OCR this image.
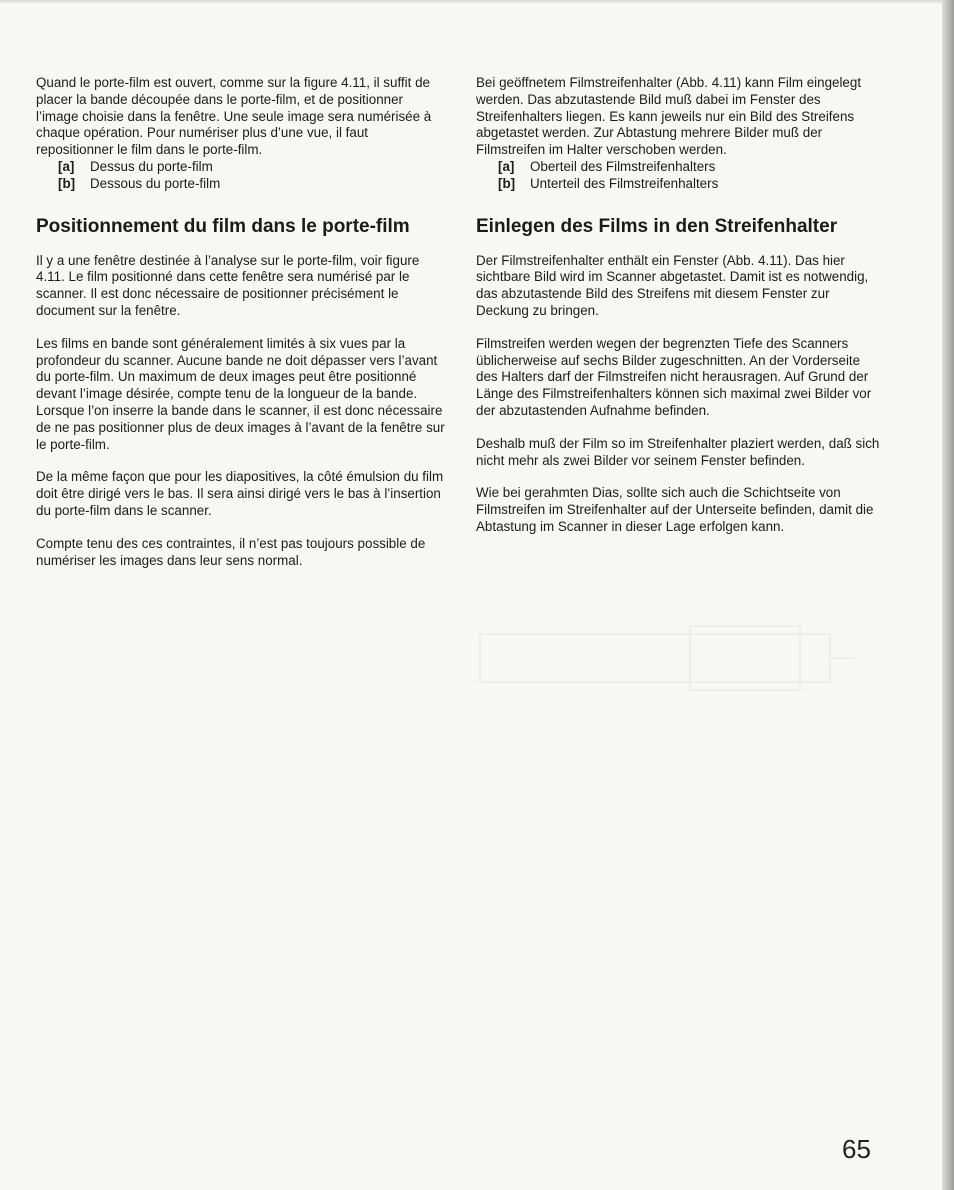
Quand le porte-film est ouvert, comme sur la figure 4.11, il suffit de placer la bande découpée dans le porte-film, et de positionner l’image choisie dans la fenêtre. Une seule image sera numérisée à chaque opération. Pour numériser plus d’une vue, il faut repositionner le film dans le porte-film.

[a]	Dessus du porte-film
[b]	Dessous du porte-film
Positionnement du film dans le porte-film

Il y a une fenêtre destinée à l’analyse sur le porte-film, voir figure 4.11. Le film positionné dans cette fenêtre sera numérisé par le scanner. Il est donc nécessaire de positionner précisément le document sur la fenêtre.

Les films en bande sont généralement limités à six vues par la profondeur du scanner. Aucune bande ne doit dépasser vers l’avant du porte-film. Un maximum de deux images peut être positionné devant l’image désirée, compte tenu de la longueur de la bande. Lorsque l’on inserre la bande dans le scanner, il est donc nécessaire de ne pas positionner plus de deux images à l’avant de la fenêtre sur le porte-film.

De la même façon que pour les diapositives, la côté émulsion du film doit être dirigé vers le bas. Il sera ainsi dirigé vers le bas à l’insertion du porte-film dans le scanner.

Compte tenu des ces contraintes, il n’est pas toujours possible de numériser les images dans leur sens normal.

Bei geöffnetem Filmstreifenhalter (Abb. 4.11) kann Film eingelegt werden. Das abzutastende Bild muß dabei im Fenster des Streifenhalters liegen. Es kann jeweils nur ein Bild des Streifens abgetastet werden. Zur Abtastung mehrere Bilder muß der Filmstreifen im Halter verschoben werden.

[a]	Oberteil des Filmstreifenhalters
[b]	Unterteil des Filmstreifenhalters
Einlegen des Films in den Streifenhalter

Der Filmstreifenhalter enthält ein Fenster (Abb. 4.11). Das hier sichtbare Bild wird im Scanner abgetastet. Damit ist es notwendig, das abzutastende Bild des Streifens mit diesem Fenster zur Deckung zu bringen.

Filmstreifen werden wegen der begrenzten Tiefe des Scanners üblicherweise auf sechs Bilder zugeschnitten. An der Vorderseite des Halters darf der Filmstreifen nicht herausragen. Auf Grund der Länge des Filmstreifenhalters können sich maximal zwei Bilder vor der abzutastenden Aufnahme befinden.

Deshalb muß der Film so im Streifenhalter plaziert werden, daß sich nicht mehr als zwei Bilder vor seinem Fenster befinden.

Wie bei gerahmten Dias, sollte sich auch die Schichtseite von Filmstreifen im Streifenhalter auf der Unterseite befinden, damit die Abtastung im Scanner in dieser Lage erfolgen kann.

65
